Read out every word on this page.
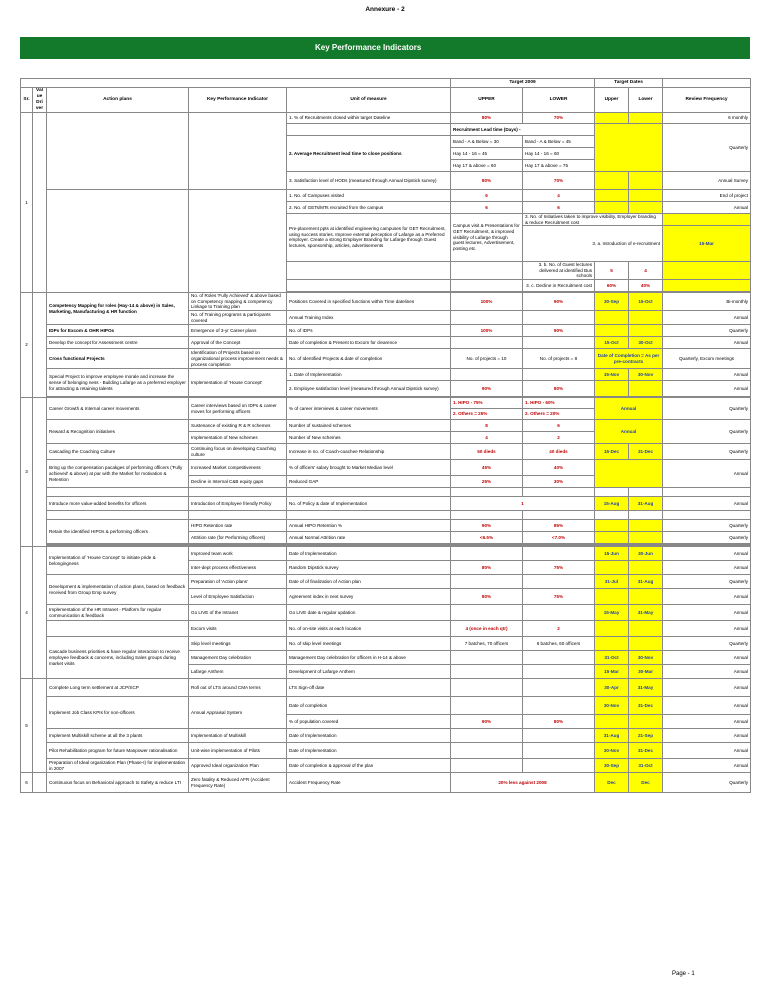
Annexure - 2
Key Performance Indicators
					Target 2009		Target Dates			
Sr.	Value Driver	Action plans	Key Performance Indicator	Unit of measure	UPPER	LOWER	Upper	Lower	Review Frequency	
1				1. % of Recruitments closed within target Dateline	80%	70%			6 monthly	
					Recruitment Lead time (Days) -				Quarterly	
				2. Average Recruitment lead time to close positions	Band - A & Below = 30	Band - A & Below = 45				
					Hay 14 - 16 = 45	Hay 14 - 16 = 60				
					Hay 17 & above = 60	Hay 17 & above = 75				
				3. Satisfaction level of HODs (measured through Annual Dipstick survey)	80%	70%			Annual Survey	
				1. No. of Campuses visited	6	4			End of project	
				2. No. of GETs/MTs recruited from the campus	6	6			Annual	
				Pre-placement ppts at identified engineering campuses for GET Recruitment, using success stories. Improve external perception of Lafarge as a Preferred employer. Create a strong Employer Branding for Lafarge through Guest lectures, sponsorship, articles, advertisements	Campus visit & Presentations for GET Recruitment, & improved visibility of Lafarge through guest lectures, Advertisement, posting etc.	3. No. of Initiatives taken to improve visibility, Employer branding & reduce Recruitment cost				
						3. a. Introduction of e-recruitment			15-Mar		
						3. b. No. of Guest lectures delivered at identified Bus schools	5	4		
						3. c. Decline in Recruitment cost	60%	40%		

2		Competency Mapping for roles (Hay-14 & above) in Sales, Marketing, Manufacturing & HR function	No. of Roles 'Fully Achieved' & above based on Competency mapping & competency Linkage to Training plan	Positions Covered in specified functions within Time datelines	100%	90%	30-Sep	15-Oct	Bi-monthly	
			No. of Training programs & participants covered	Annual Training Index					Annual	
		IDPs for Excom & OHR HIPOs	Emergence of 3-yr Career plans	No. of IDPs	100%	90%			Quarterly	
		Develop the concept for Assessment centre	Approval of the Concept	Date of completion & Present to Excom for clearence			15-Oct	30-Oct	Annual	
		Cross functional Projects	Identification of Projects based on organizational process improvement needs & process completion	No. of Identified Projects & date of completion	No. of projects = 10	No. of projects = 8	Date of Completion = As per pre-contracts		Quarterly, Excom meetings	
		Special Project to improve employee morale and increase the sense of belonging ness - Building Lafarge as a preferred employer for attracting & retaining talents	Implementation of 'House Concept'	1. Date of Implementation			15-Nov	30-Nov	Annual	
				2. Employee satisfaction level (measured through Annual Dipstick survey)	90%	80%			Annual	

3		Career Growth & Internal career movements	Career interviews based on IDPs & career moves for performing officers	% of career interviews & career movements	1. HIPO - 75%	1. HIPO - 60%	Annual		Quarterly	
					2. Others = 25%	2. Others = 20%				
		Reward & Recognition initiatives	Sustenance of existing R & R schemes	Number of sustained schemes	8	6	Annual		Quarterly	
			Implementation of New schemes	Number of New schemes	4	2				
		Cascading the Coaching Culture	Continuing focus on developing Coaching culture	Increase in no. of Coach-coachee Relationship	50 dieds	40 dieds	15-Dec	31-Dec	Quarterly	
		Bring up the compensation pacakges of performing officers ('Fully achieved' & above) at par with the Market for motivation & Retention	Increased Market competitiveness	% of officers' salary brought to Market Median level	45%	40%			Annual	
			Decline in Internal C&B equity gaps	Reduced GAP	25%	30%				

		Introduce more value-added benefits for officers	Introduction of Employee friendly Policy	No. of Policy & date of Implementation	1		15-Aug	31-Aug	Annual	

		Retain the identified HIPOs & performing officers	HIPO Retention rate	Annual HIPO Retention %	90%	85%			Quarterly	
			Attrition rate (for Performing officers)	Annual Normal Attrition rate	<6.5%	<7.0%			Quarterly	

4		Implementation of 'House Concept' to initiate pride & belongingness	Improved team work	Date of Implementation			15-Jun	30-Jun	Annual	
			Inter-dept process effectiveness	Random Dipstick survey	80%	75%			Annual	
		Development & implementation of action plans, based on feedback received from Group Emp survey	Preparation of 'Action plans'	Date of of finalization of Action plan			31-Jul	31-Aug	Quarterly	
			Level of Employee Satisfaction	Agreement index in next survey	80%	75%			Annual	
		Implementation of the HR Intranet - Platform for regular communication & feedback	Go LIVE of the Intranet	Go LIVE date & regular updation			15-May	31-May	Annual	
			Excom visits	No. of on-site visits at each location	4 (once in each qtr)	2			Annual	
		Cascade business priorities & have regular interaction to receive employee feedback & concerns, including Sales groups during market visits	Skip level meetings	No. of skip level meetings	7 batches, 70 officers	6 batches, 60 officers			Quarterly	
			Management Day celebration	Management Day celebration for officers in H-14 & above			31-Oct	30-Nov	Annual	
			Lafarge Anthem	Development of Lafarge Anthem			15-Mar	30-Mar	Annual	
5		Complete Long term settlement at JCP/SCP	Roll out of LTS around CMA terms	LTS Sign-off date			30-Apr	31-May	Annual	
		Implement Job Class KPIs for non-officers	Annual Appraisal System	Date of completion			30-Nov	31-Dec	Annual	
				% of population covered	90%	80%			Annual	
		Implement Multiskill scheme at all the 3 plants	Implementation of Multiskill	Date of Implementation			31-Aug	21-Sep	Annual	
		Pilot Rehabilitation program for future Manpower rationalisation	Unit-wise implementation of Pilots	Date of Implementation			30-Nov	31-Dec	Annual	
		Preparation of Ideal organization Plan (Phase-I) for implementation in 2007	Approved Ideal organization Plan	Date of completion & approval of the plan			30-Sep	31-Oct	Annual	
6		Continuous focus on Behavioral approach to Safety & reduce LTI	Zero fatality & Reduced AFR (Accident Frequency Rate)	Accident Frequency Rate	20% less against 2008		Dec	Dec	Quarterly	
Page - 1
